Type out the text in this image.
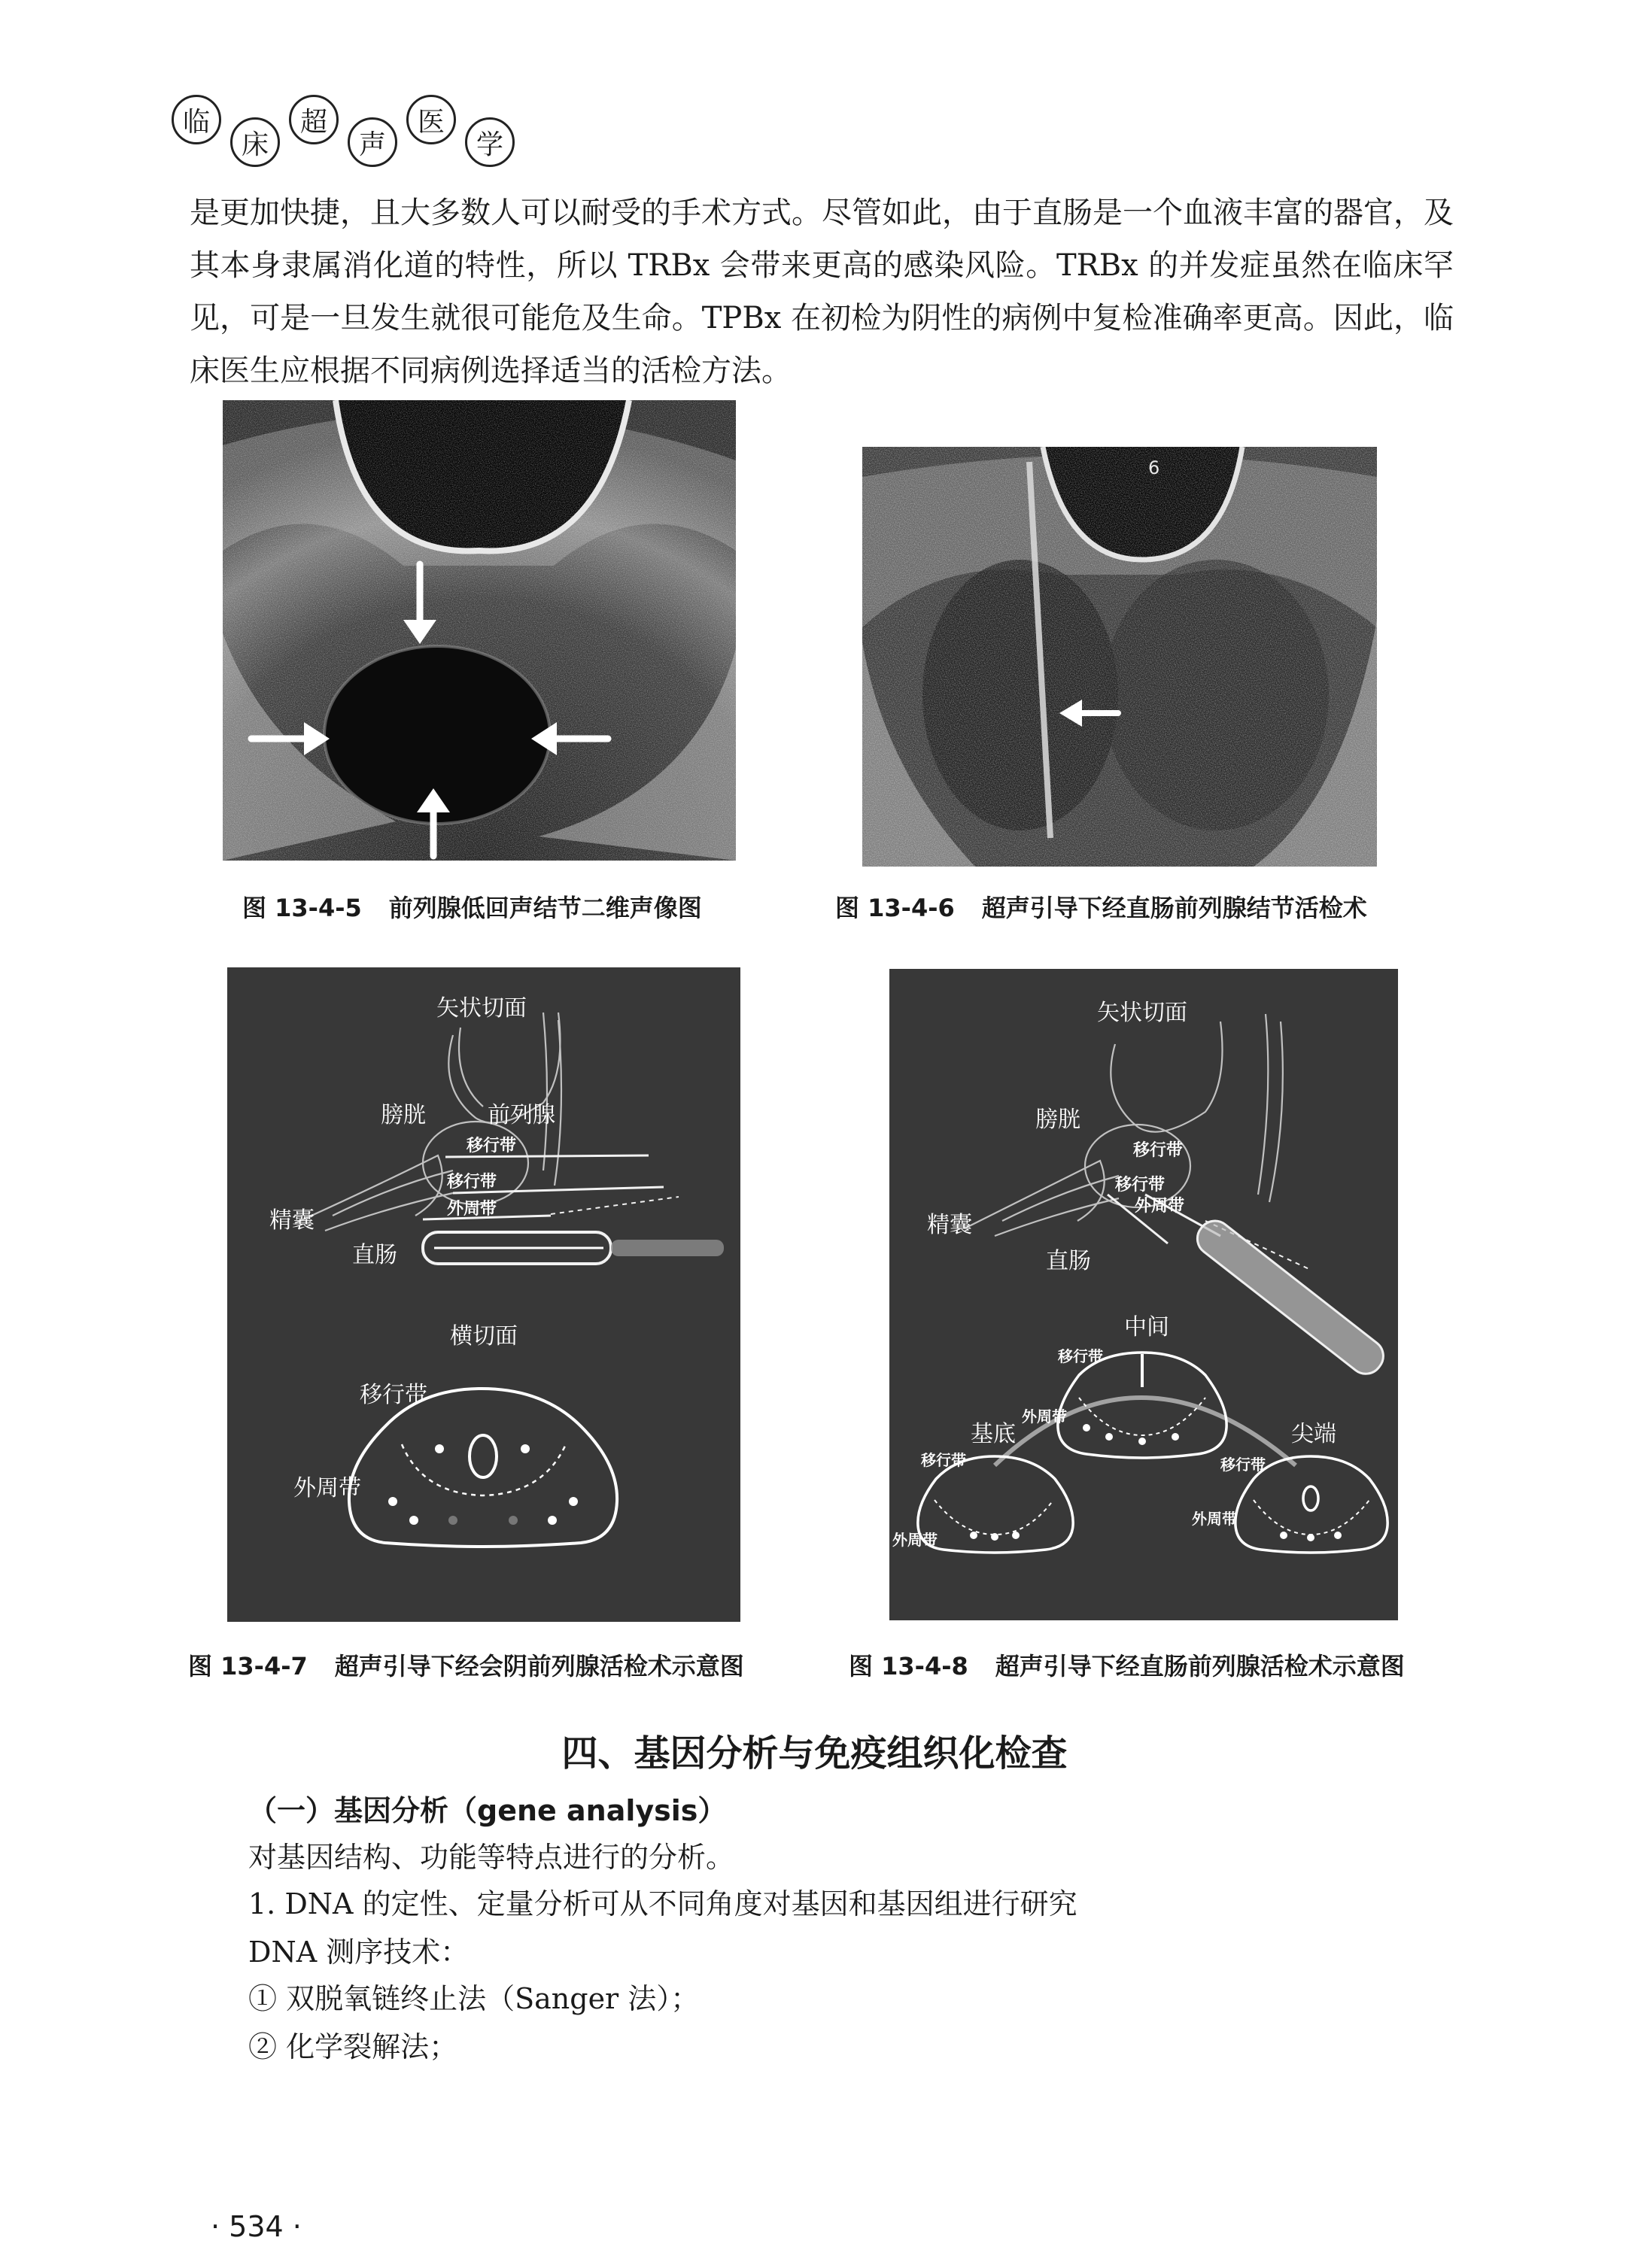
临
床
超
声
医
学

是更加快捷，且大多数人可以耐受的手术方式。尽管如此，由于直肠是一个血液丰富的器官，及其本身隶属消化道的特性，所以 TRBx 会带来更高的感染风险。TRBx 的并发症虽然在临床罕见，可是一旦发生就很可能危及生命。TPBx 在初检为阴性的病例中复检准确率更高。因此，临床医生应根据不同病例选择适当的活检方法。

图 13-4-5 前列腺低回声结节二维声像图
6
图 13-4-6 超声引导下经直肠前列腺结节活检术
矢状切面
膀胱	前列腺
移行带
移行带
外周带
精囊
直肠
横切面
移行带
外周带
图 13-4-7 超声引导下经会阴前列腺活检术示意图
矢状切面
膀胱
移行带
移行带
外周带
精囊
直肠
中间
基底	尖端
移行带
外周带
移行带
外周带
移行带
外周带
图 13-4-8 超声引导下经直肠前列腺活检术示意图
四、基因分析与免疫组织化检查

（一）基因分析（gene analysis）

对基因结构、功能等特点进行的分析。

1. DNA 的定性、定量分析可从不同角度对基因和基因组进行研究

DNA 测序技术：

① 双脱氧链终止法（Sanger 法）；

② 化学裂解法；

· 534 ·
